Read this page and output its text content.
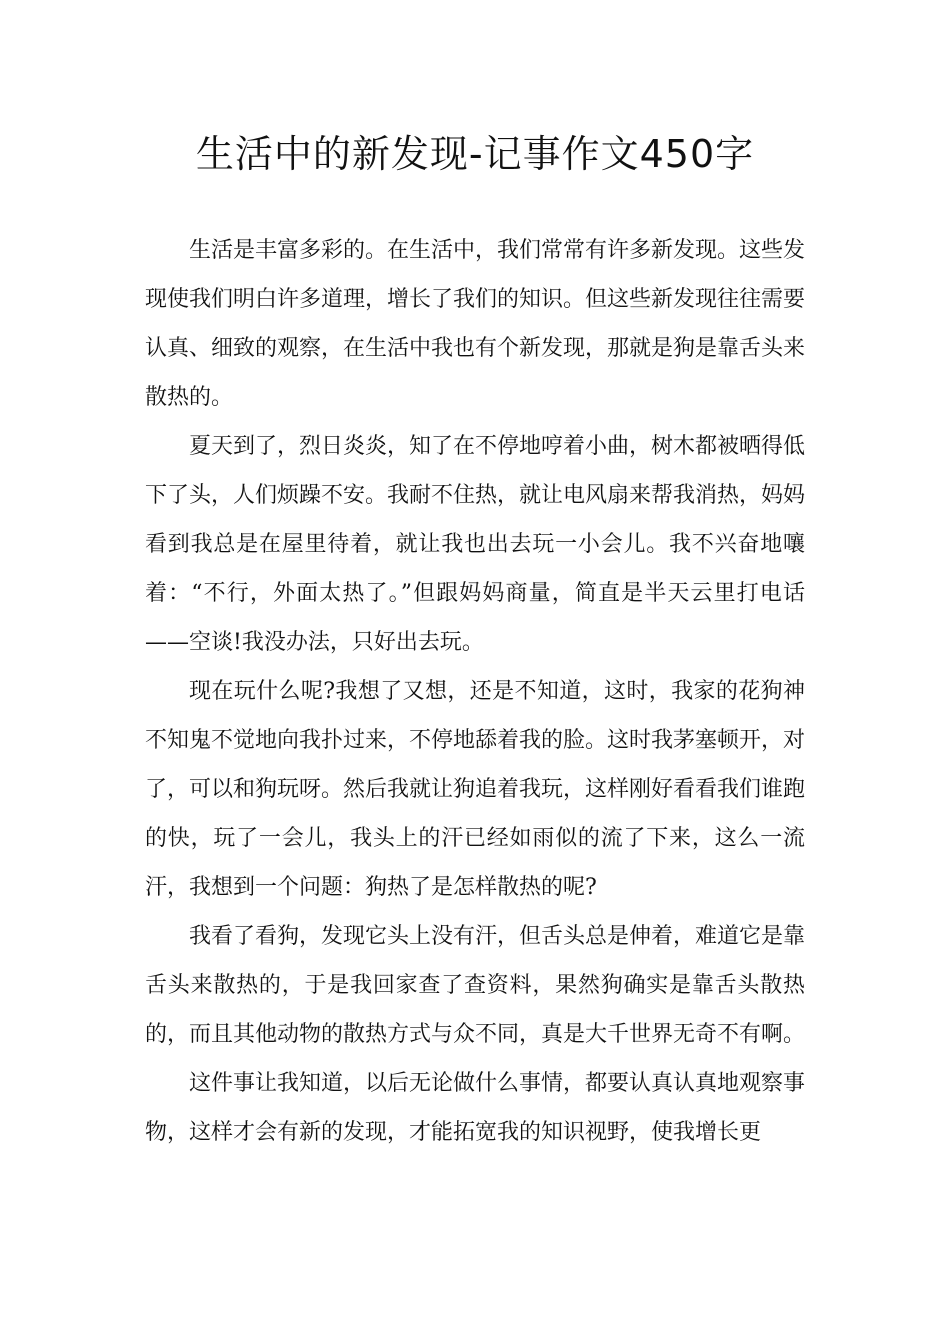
生活中的新发现-记事作文450字

生活是丰富多彩的。在生活中，我们常常有许多新发现。这些发现使我们明白许多道理，增长了我们的知识。但这些新发现往往需要认真、细致的观察，在生活中我也有个新发现，那就是狗是靠舌头来散热的。

夏天到了，烈日炎炎，知了在不停地哼着小曲，树木都被晒得低下了头，人们烦躁不安。我耐不住热，就让电风扇来帮我消热，妈妈看到我总是在屋里待着，就让我也出去玩一小会儿。我不兴奋地嚷着：“不行，外面太热了。”但跟妈妈商量，简直是半天云里打电话——空谈!我没办法，只好出去玩。

现在玩什么呢?我想了又想，还是不知道，这时，我家的花狗神不知鬼不觉地向我扑过来，不停地舔着我的脸。这时我茅塞顿开，对了，可以和狗玩呀。然后我就让狗追着我玩，这样刚好看看我们谁跑的快，玩了一会儿，我头上的汗已经如雨似的流了下来，这么一流汗，我想到一个问题：狗热了是怎样散热的呢?

我看了看狗，发现它头上没有汗，但舌头总是伸着，难道它是靠舌头来散热的，于是我回家查了查资料，果然狗确实是靠舌头散热的，而且其他动物的散热方式与众不同，真是大千世界无奇不有啊。

这件事让我知道，以后无论做什么事情，都要认真认真地观察事物，这样才会有新的发现，才能拓宽我的知识视野，使我增长更
